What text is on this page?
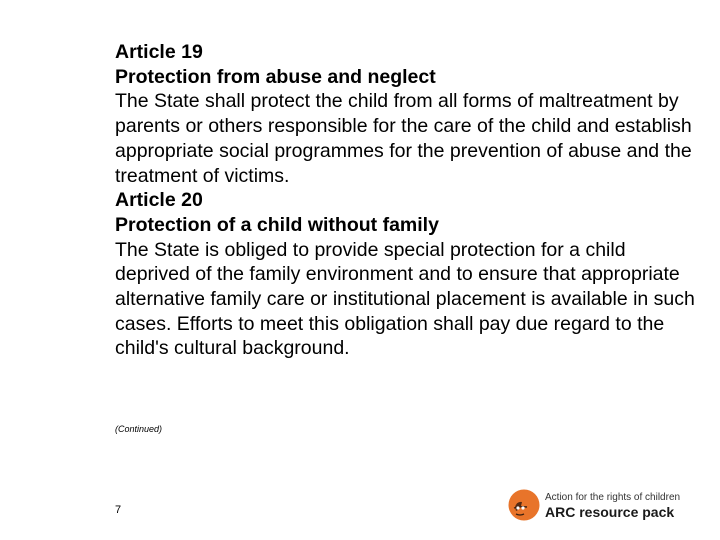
Article 19

Protection from abuse and neglect

The State shall protect the child from all forms of maltreatment by parents or others responsible for the care of the child and establish appropriate social programmes for the prevention of abuse and the treatment of victims.

Article 20

Protection of a child without family

The State is obliged to provide special protection for a child deprived of the family environment and to ensure that appropriate alternative family care or institutional placement is available in such cases. Efforts to meet this obligation shall pay due regard to the child's cultural background.

(Continued)
7
Action for the rights of children
ARC resource pack
